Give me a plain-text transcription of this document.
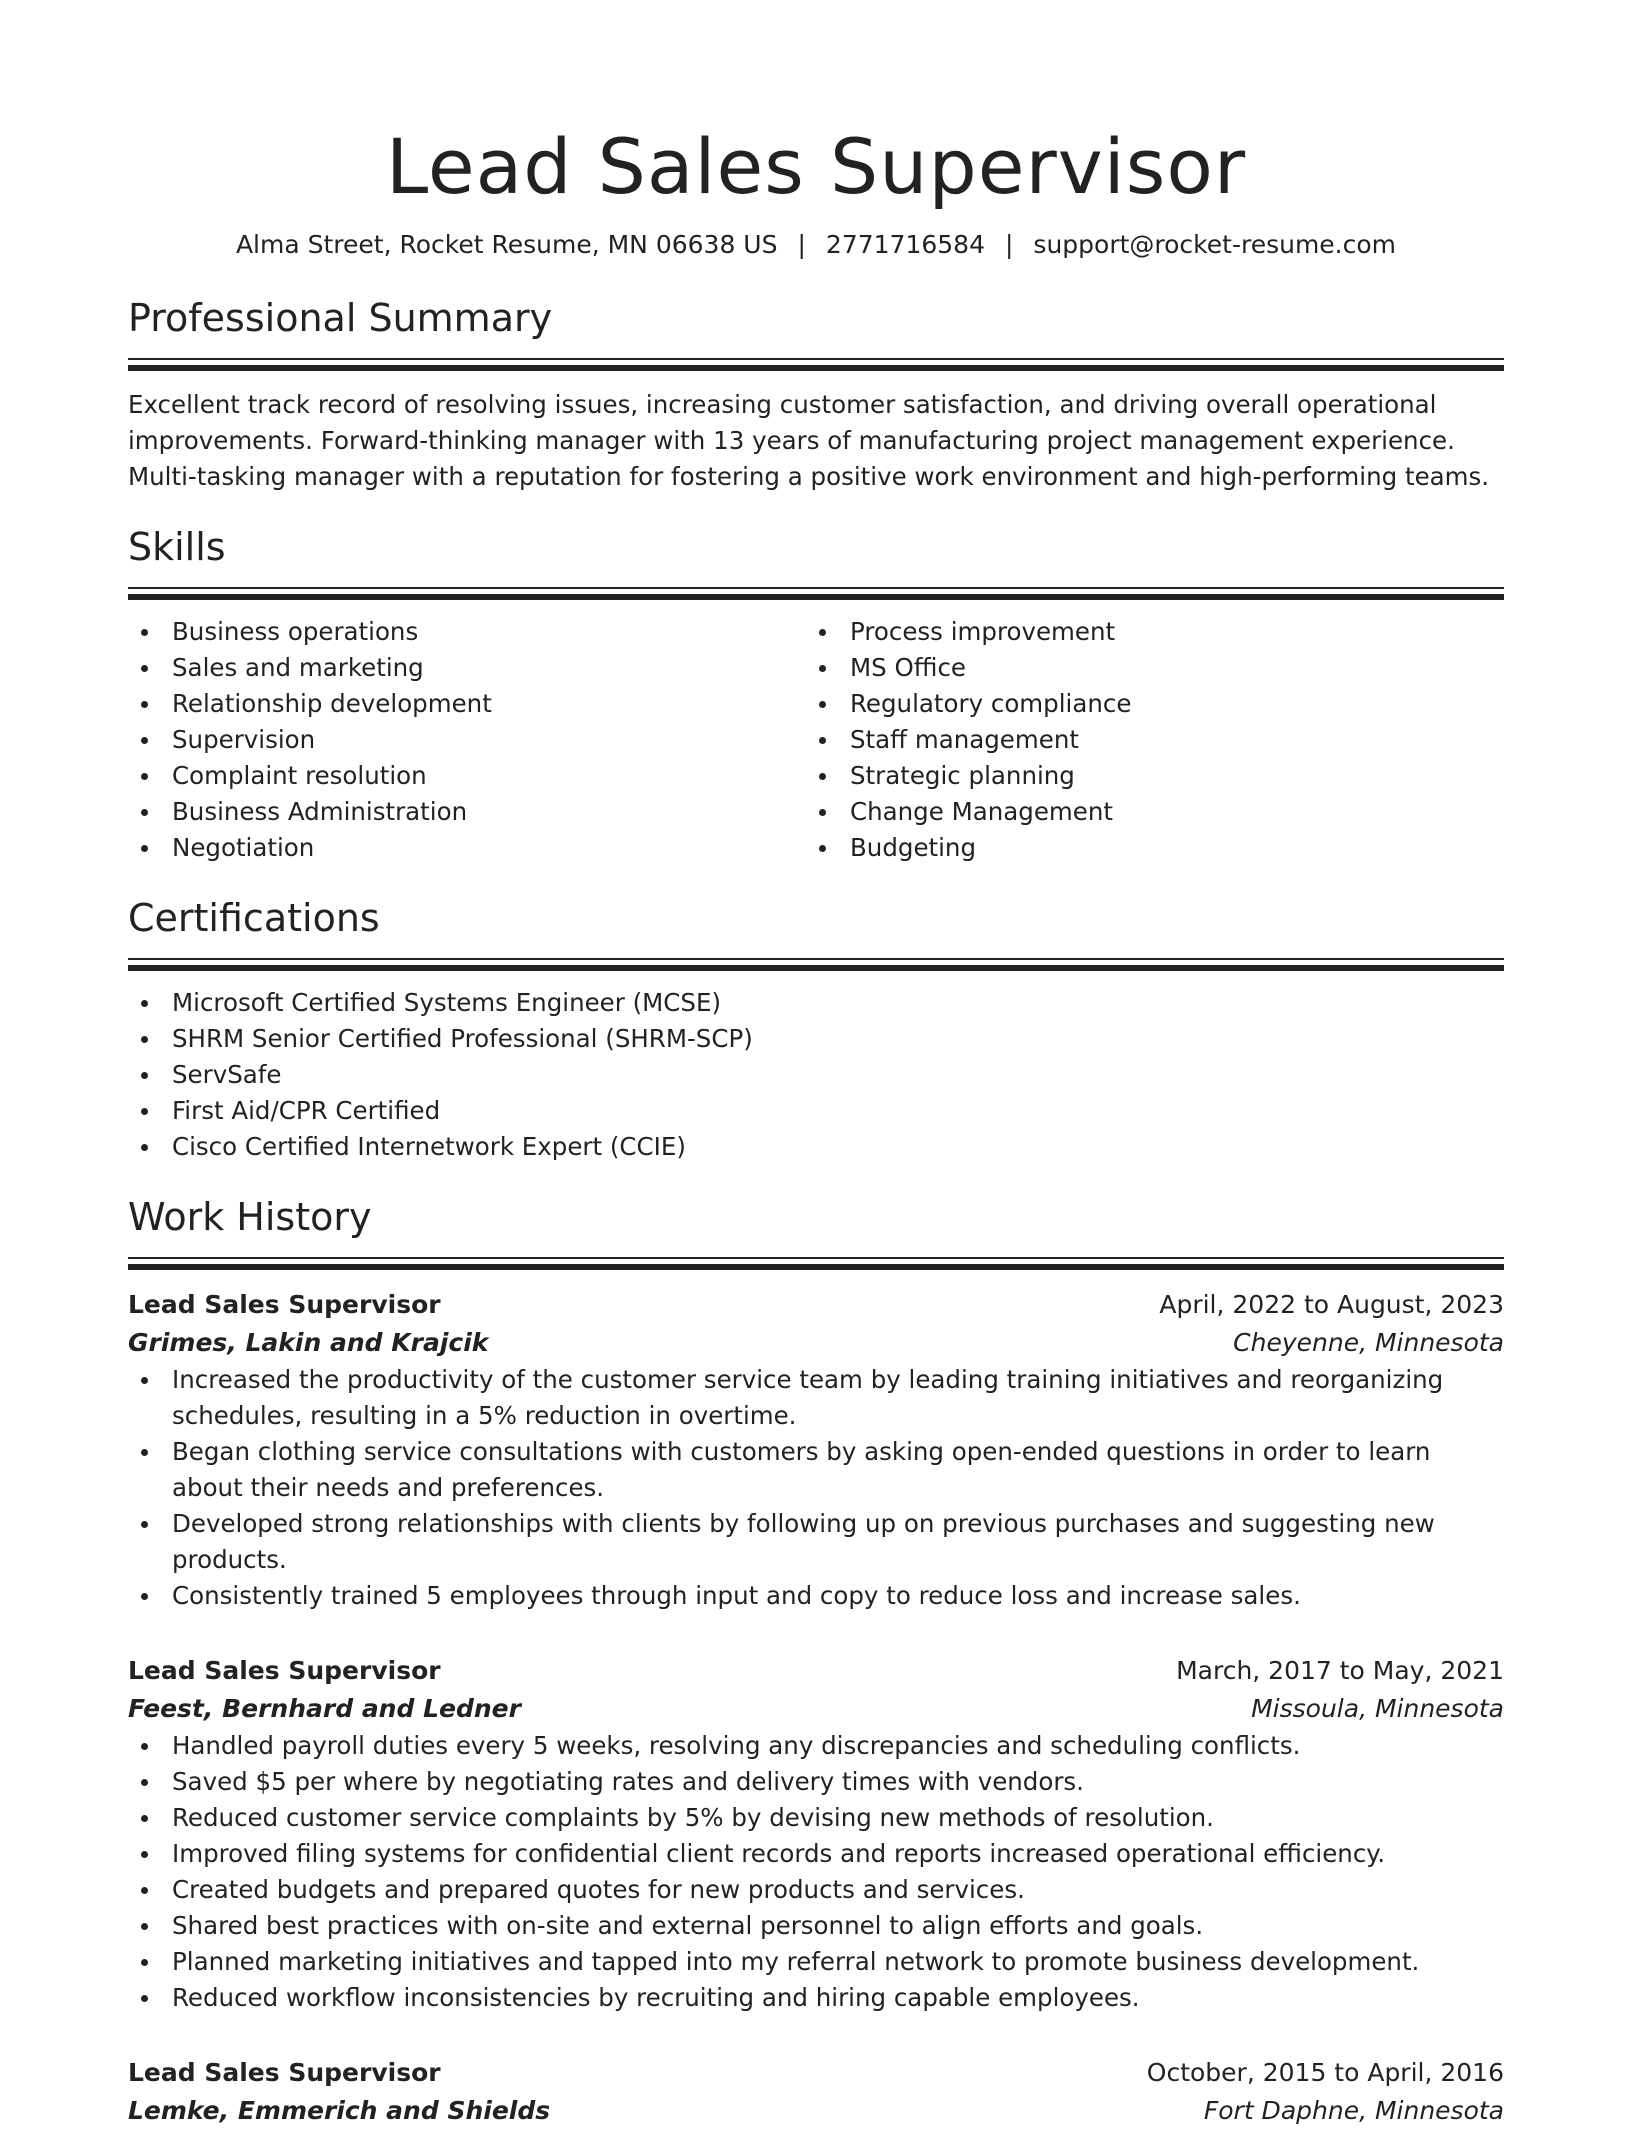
Lead Sales Supervisor
Alma Street, Rocket Resume, MN 06638 US | 2771716584 | support@rocket-resume.com
Professional Summary
Excellent track record of resolving issues, increasing customer satisfaction, and driving overall operational improvements. Forward-thinking manager with 13 years of manufacturing project management experience. Multi-tasking manager with a reputation for fostering a positive work environment and high-performing teams.
Skills
Business operations
Sales and marketing
Relationship development
Supervision
Complaint resolution
Business Administration
Negotiation
Process improvement
MS Office
Regulatory compliance
Staff management
Strategic planning
Change Management
Budgeting
Certifications
Microsoft Certified Systems Engineer (MCSE)
SHRM Senior Certified Professional (SHRM-SCP)
ServSafe
First Aid/CPR Certified
Cisco Certified Internetwork Expert (CCIE)
Work History
Lead Sales Supervisor	April, 2022 to August, 2023
Grimes, Lakin and Krajcik	Cheyenne, Minnesota
Increased the productivity of the customer service team by leading training initiatives and reorganizing schedules, resulting in a 5% reduction in overtime.
Began clothing service consultations with customers by asking open-ended questions in order to learn about their needs and preferences.
Developed strong relationships with clients by following up on previous purchases and suggesting new products.
Consistently trained 5 employees through input and copy to reduce loss and increase sales.
Lead Sales Supervisor	March, 2017 to May, 2021
Feest, Bernhard and Ledner	Missoula, Minnesota
Handled payroll duties every 5 weeks, resolving any discrepancies and scheduling conflicts.
Saved $5 per where by negotiating rates and delivery times with vendors.
Reduced customer service complaints by 5% by devising new methods of resolution.
Improved filing systems for confidential client records and reports increased operational efficiency.
Created budgets and prepared quotes for new products and services.
Shared best practices with on-site and external personnel to align efforts and goals.
Planned marketing initiatives and tapped into my referral network to promote business development.
Reduced workflow inconsistencies by recruiting and hiring capable employees.
Lead Sales Supervisor	October, 2015 to April, 2016
Lemke, Emmerich and Shields	Fort Daphne, Minnesota
